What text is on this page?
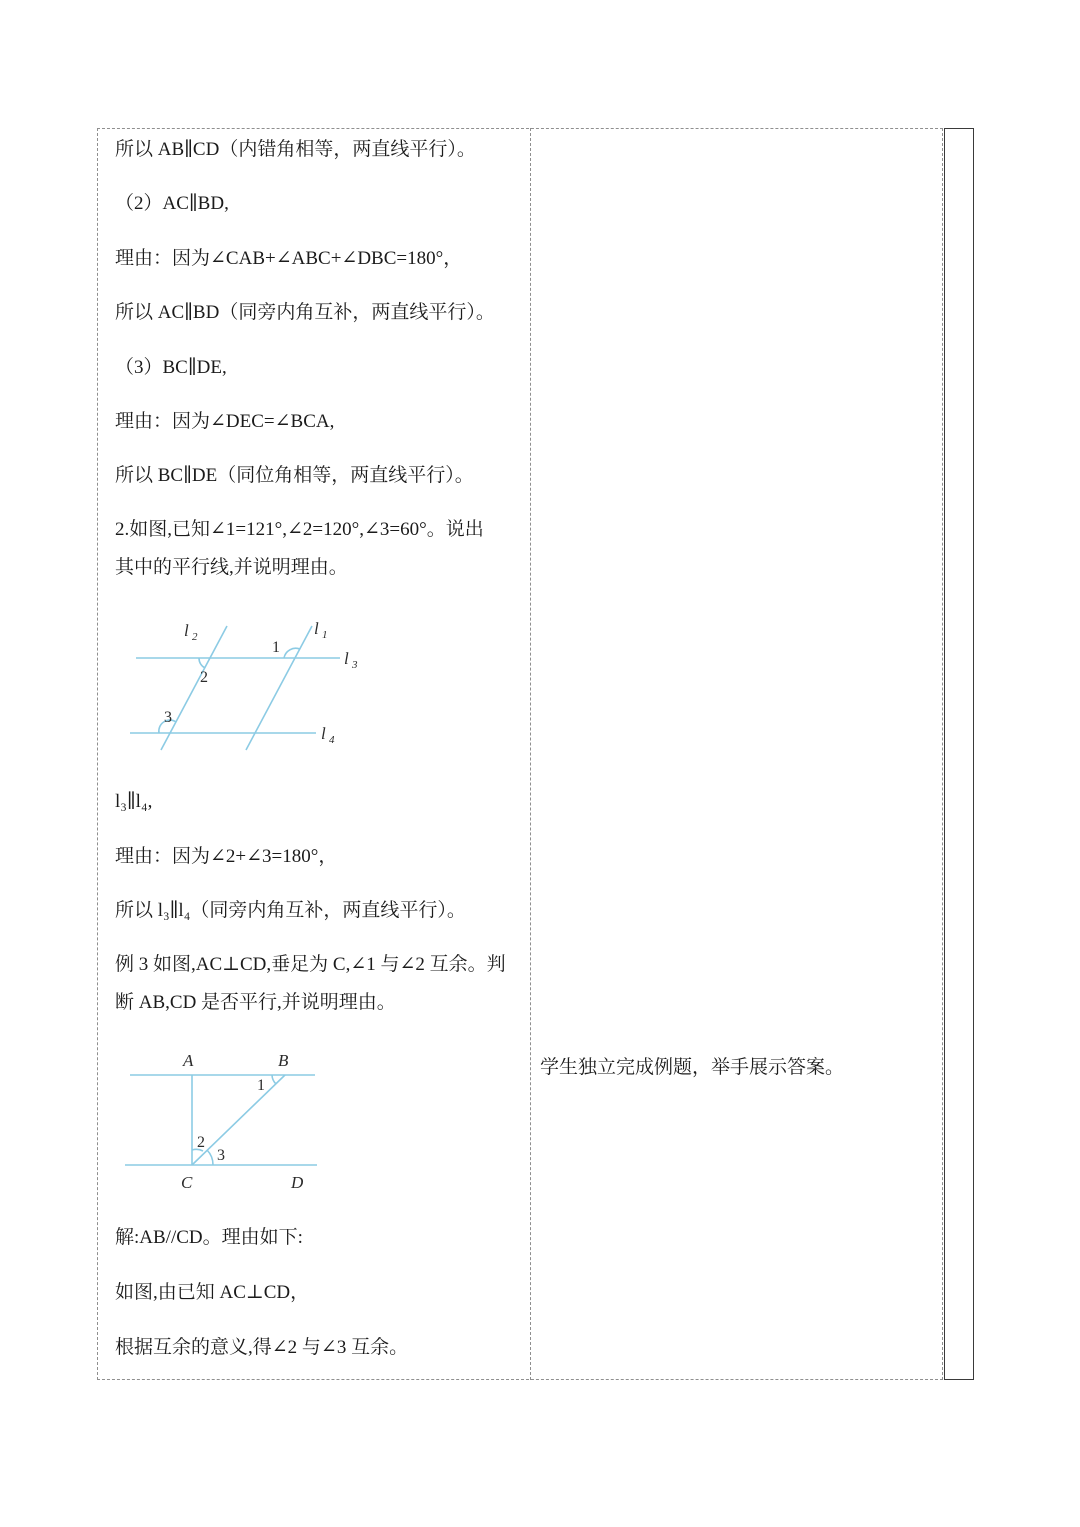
所以 AB∥CD（内错角相等，两直线平行）。
（2）AC∥BD,
理由：因为∠CAB+∠ABC+∠DBC=180°，
所以 AC∥BD（同旁内角互补，两直线平行）。
（3）BC∥DE,
理由：因为∠DEC=∠BCA,
所以 BC∥DE（同位角相等，两直线平行）。
2.如图,已知∠1=121°,∠2=120°,∠3=60°。说出
其中的平行线,并说明理由。
l₃∥l₄,
理由：因为∠2+∠3=180°，
所以 l₃∥l₄（同旁内角互补，两直线平行）。
例 3 如图,AC⊥CD,垂足为 C,∠1 与∠2 互余。判
断 AB,CD 是否平行,并说明理由。
解:AB//CD。理由如下:
如图,由已知 AC⊥CD，
根据互余的意义,得∠2 与∠3 互余。
学生独立完成例题，举手展示答案。
l 2	l 1
l 3
l 4
1
2
3
A	B
C	D
1
2
3
